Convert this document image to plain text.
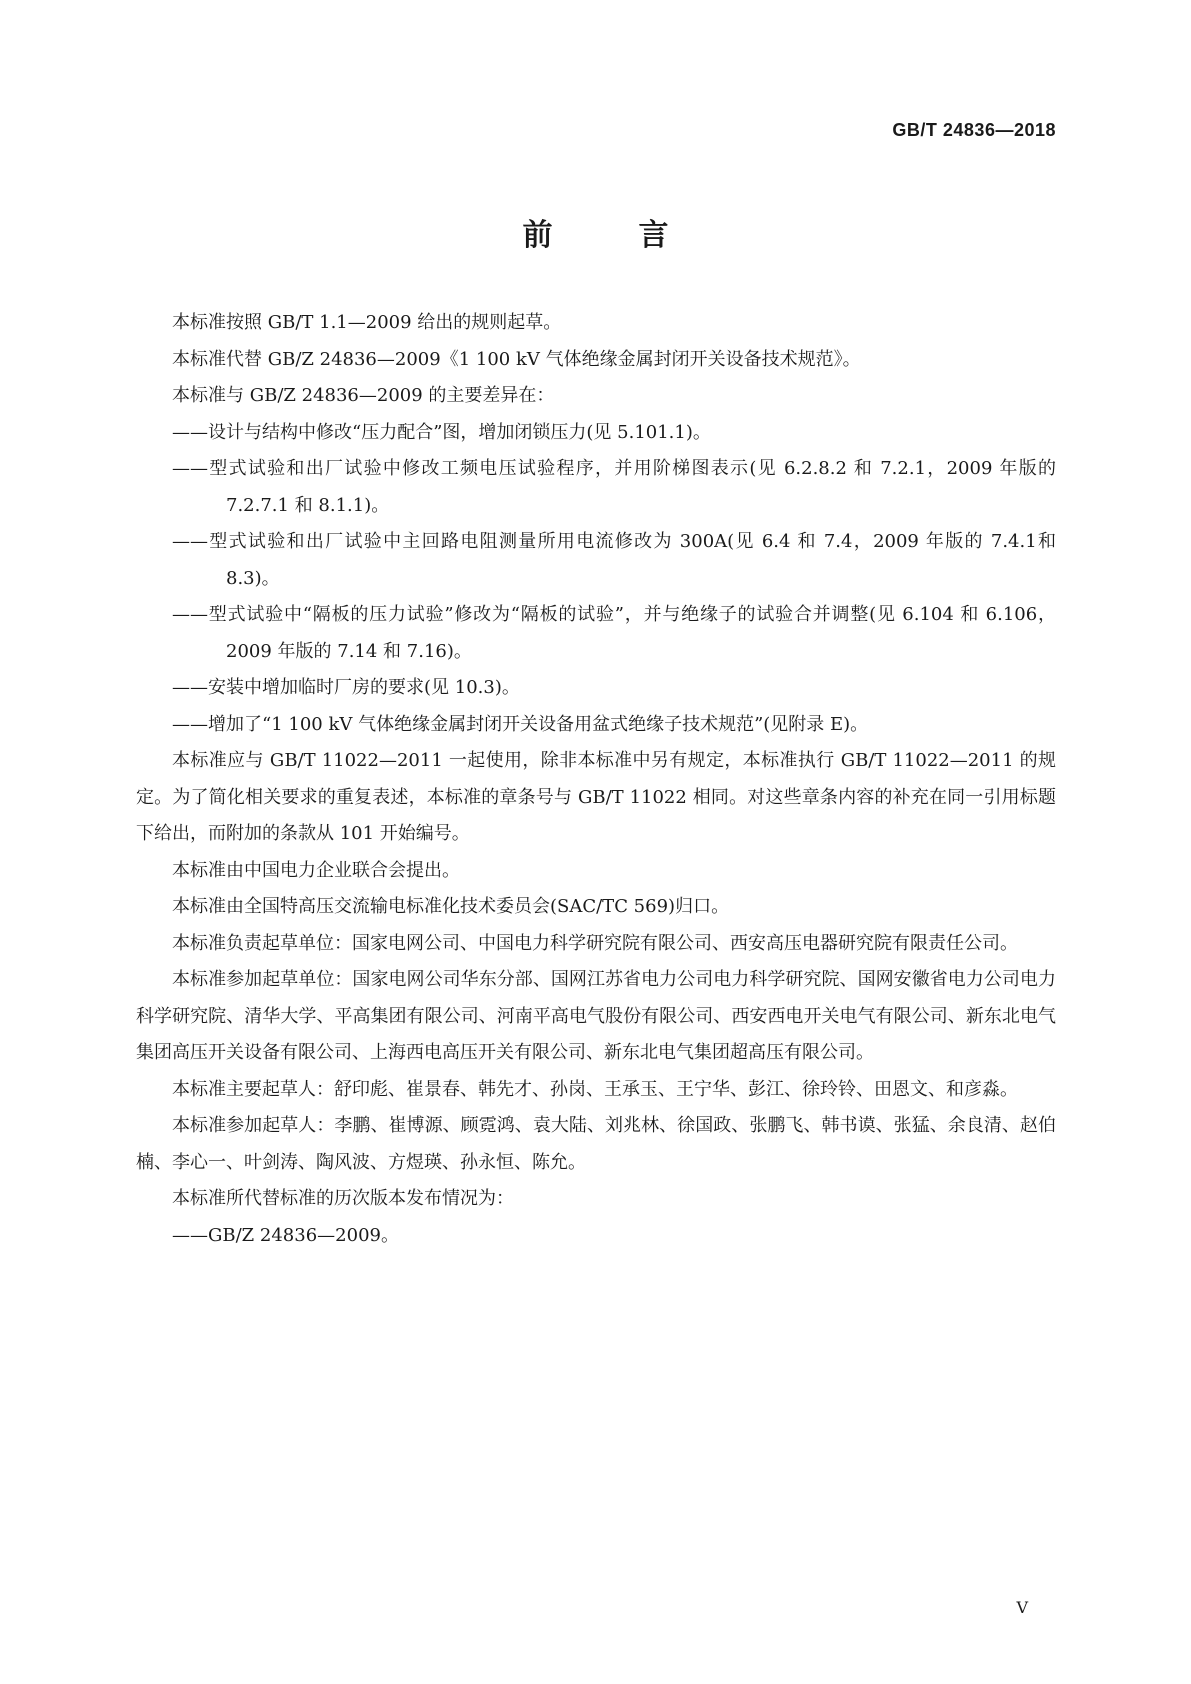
GB/T 24836—2018
前　言

本标准按照 GB/T 1.1—2009 给出的规则起草。

本标准代替 GB/Z 24836—2009《1 100 kV 气体绝缘金属封闭开关设备技术规范》。

本标准与 GB/Z 24836—2009 的主要差异在：

——设计与结构中修改“压力配合”图，增加闭锁压力(见 5.101.1)。

——型式试验和出厂试验中修改工频电压试验程序，并用阶梯图表示(见 6.2.8.2 和 7.2.1，2009 年版的 7.2.7.1 和 8.1.1)。

——型式试验和出厂试验中主回路电阻测量所用电流修改为 300A(见 6.4 和 7.4，2009 年版的 7.4.1和 8.3)。

——型式试验中“隔板的压力试验”修改为“隔板的试验”，并与绝缘子的试验合并调整(见 6.104 和 6.106，2009 年版的 7.14 和 7.16)。

——安装中增加临时厂房的要求(见 10.3)。

——增加了“1 100 kV 气体绝缘金属封闭开关设备用盆式绝缘子技术规范”(见附录 E)。

本标准应与 GB/T 11022—2011 一起使用，除非本标准中另有规定，本标准执行 GB/T 11022—2011 的规定。为了简化相关要求的重复表述，本标准的章条号与 GB/T 11022 相同。对这些章条内容的补充在同一引用标题下给出，而附加的条款从 101 开始编号。

本标准由中国电力企业联合会提出。

本标准由全国特高压交流输电标准化技术委员会(SAC/TC 569)归口。

本标准负责起草单位：国家电网公司、中国电力科学研究院有限公司、西安高压电器研究院有限责任公司。

本标准参加起草单位：国家电网公司华东分部、国网江苏省电力公司电力科学研究院、国网安徽省电力公司电力科学研究院、清华大学、平高集团有限公司、河南平高电气股份有限公司、西安西电开关电气有限公司、新东北电气集团高压开关设备有限公司、上海西电高压开关有限公司、新东北电气集团超高压有限公司。

本标准主要起草人：舒印彪、崔景春、韩先才、孙岗、王承玉、王宁华、彭江、徐玲铃、田恩文、和彦淼。

本标准参加起草人：李鹏、崔博源、顾霓鸿、袁大陆、刘兆林、徐国政、张鹏飞、韩书谟、张猛、余良清、赵伯楠、李心一、叶剑涛、陶风波、方煜瑛、孙永恒、陈允。

本标准所代替标准的历次版本发布情况为：

——GB/Z 24836—2009。

V
